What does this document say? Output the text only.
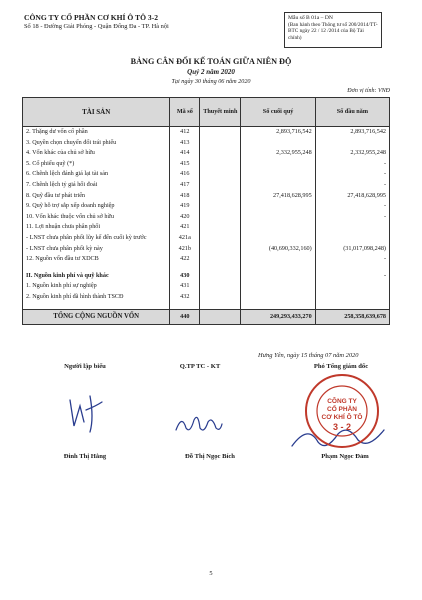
CÔNG TY CỔ PHẦN CƠ KHÍ Ô TÔ 3-2
Số 18 - Đường Giải Phóng - Quận Đống Đa - TP. Hà nội
Mẫu số B 01a – DN
(Ban hành theo Thông tư số 200/2014/TT-BTC ngày 22 / 12 /2014 của Bộ Tài chính)
BẢNG CÂN ĐỐI KẾ TOÁN GIỮA NIÊN ĐỘ
Quý 2 năm 2020
Tại ngày 30 tháng 06 năm 2020
Đơn vị tính: VNĐ
TÀI SẢN	Mã số	Thuyết minh	Số cuối quý	Số đầu năm
2. Thặng dư vốn cổ phần	412		2,893,716,542	2,893,716,542
3. Quyền chọn chuyển đổi trái phiếu	413			
4. Vốn khác của chủ sở hữu	414		2,332,955,248	2,332,955,248
5. Cổ phiếu quỹ (*)	415			-
6. Chênh lệch đánh giá lại tài sản	416			-
7. Chênh lệch tỷ giá hối đoái	417			-
8. Quỹ đầu tư phát triển	418		27,418,628,995	27,418,628,995
9. Quỹ hỗ trợ sắp xếp doanh nghiệp	419			-
10. Vốn khác thuộc vốn chủ sở hữu	420			-
11. Lợi nhuận chưa phân phối	421			
- LNST chưa phân phối lũy kế đến cuối kỳ trước	421a			
- LNST chưa phân phối kỳ này	421b		(40,690,332,160)	(31,017,098,248)
12. Nguồn vốn đầu tư XDCB	422			-

II. Nguồn kinh phí và quỹ khác	430			-
1. Nguồn kinh phí sự nghiệp	431			
2. Nguồn kinh phí đã hình thành TSCĐ	432			

TỔNG CỘNG NGUỒN VỐN	440		249,293,433,270	258,358,639,678
Hưng Yên, ngày 15 tháng 07 năm 2020
Người lập biểu	Q.TP TC - KT	Phó Tổng giám đốc
CÔNG TY
CỔ PHẦN
CƠ KHÍ Ô TÔ
3 - 2
Đinh Thị Hằng	Đỗ Thị Ngọc Bích	Phạm Ngọc Đảm
5
